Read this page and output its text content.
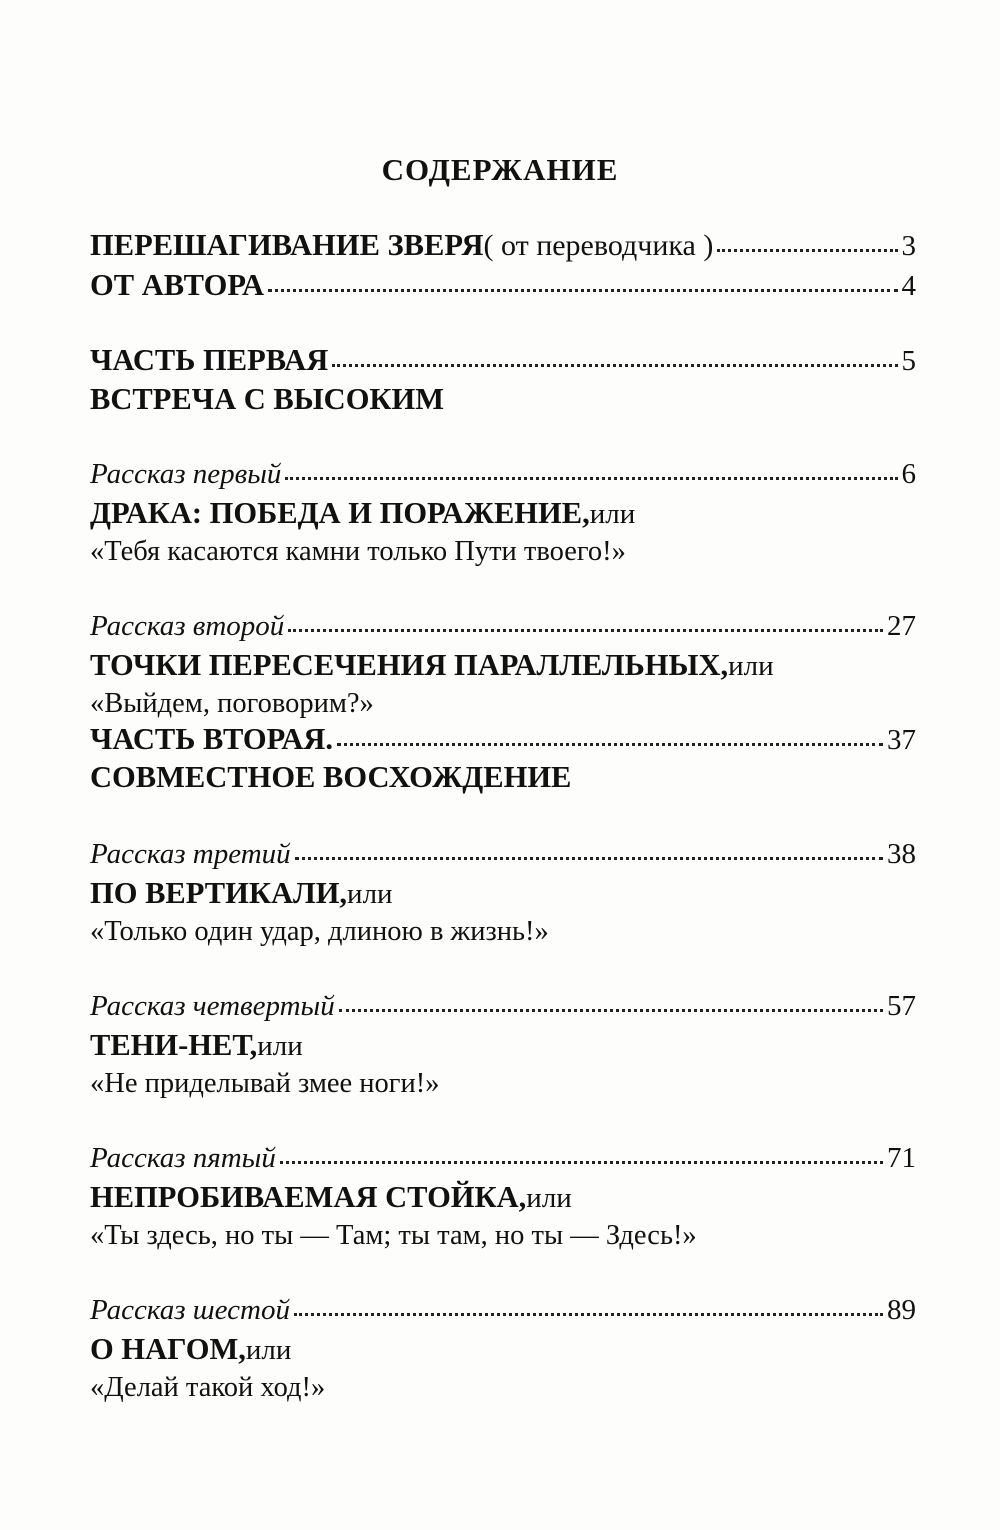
СОДЕРЖАНИЕ
ПЕРЕШАГИВАНИЕ ЗВЕРЯ ( от переводчика )	3
ОТ АВТОРА	4
ЧАСТЬ ПЕРВАЯ	5
ВСТРЕЧА С ВЫСОКИМ
Рассказ первый	6
ДРАКА: ПОБЕДА И ПОРАЖЕНИЕ, или
«Тебя касаются камни только Пути твоего!»
Рассказ второй	27
ТОЧКИ ПЕРЕСЕЧЕНИЯ ПАРАЛЛЕЛЬНЫХ, или
«Выйдем, поговорим?»
ЧАСТЬ ВТОРАЯ.	37
СОВМЕСТНОЕ ВОСХОЖДЕНИЕ
Рассказ третий	38
ПО ВЕРТИКАЛИ, или
«Только один удар, длиною в жизнь!»
Рассказ четвертый	57
ТЕНИ-НЕТ, или
«Не приделывай змее ноги!»
Рассказ пятый	71
НЕПРОБИВАЕМАЯ СТОЙКА, или
«Ты здесь, но ты — Там; ты там, но ты — Здесь!»
Рассказ шестой	89
О НАГОМ, или
«Делай такой ход!»
